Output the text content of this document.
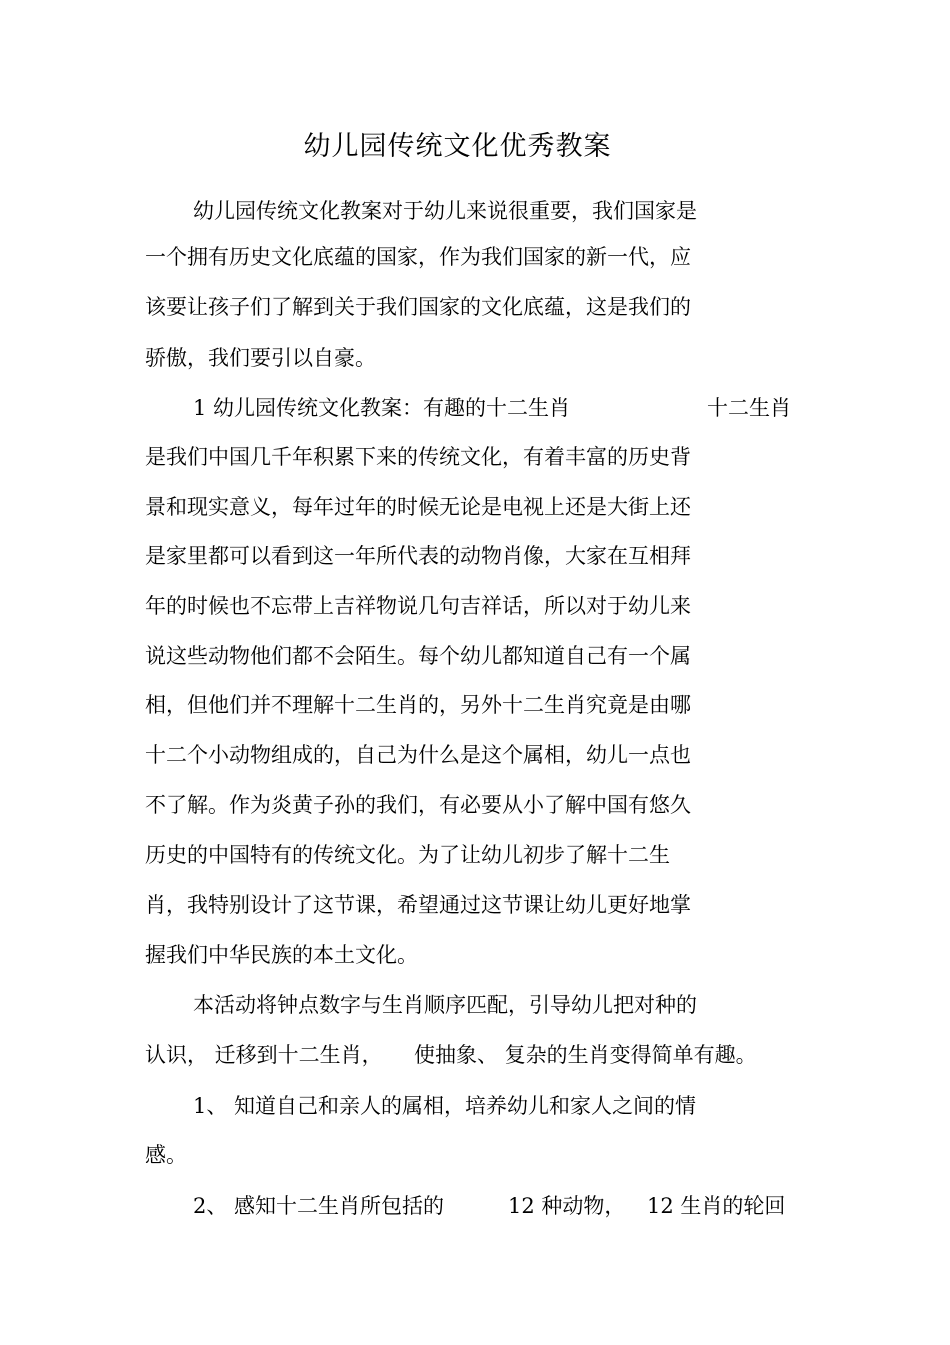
幼儿园传统文化优秀教案
幼儿园传统文化教案对于幼儿来说很重要，我们国家是
一个拥有历史文化底蕴的国家，作为我们国家的新一代，应
该要让孩子们了解到关于我们国家的文化底蕴，这是我们的
骄傲，我们要引以自豪。
1 幼儿园传统文化教案：有趣的十二生肖	十二生肖
是我们中国几千年积累下来的传统文化，有着丰富的历史背
景和现实意义，每年过年的时候无论是电视上还是大街上还
是家里都可以看到这一年所代表的动物肖像，大家在互相拜
年的时候也不忘带上吉祥物说几句吉祥话，所以对于幼儿来
说这些动物他们都不会陌生。每个幼儿都知道自己有一个属
相，但他们并不理解十二生肖的，另外十二生肖究竟是由哪
十二个小动物组成的，自己为什么是这个属相，幼儿一点也
不了解。作为炎黄子孙的我们，有必要从小了解中国有悠久
历史的中国特有的传统文化。为了让幼儿初步了解十二生
肖，我特别设计了这节课，希望通过这节课让幼儿更好地掌
握我们中华民族的本土文化。
本活动将钟点数字与生肖顺序匹配，引导幼儿把对种的
认识， 迁移到十二生肖， 使抽象、 复杂的生肖变得简单有趣。
1、 知道自己和亲人的属相，培养幼儿和家人之间的情
感。
2、 感知十二生肖所包括的	12 种动物， 12 生肖的轮回
